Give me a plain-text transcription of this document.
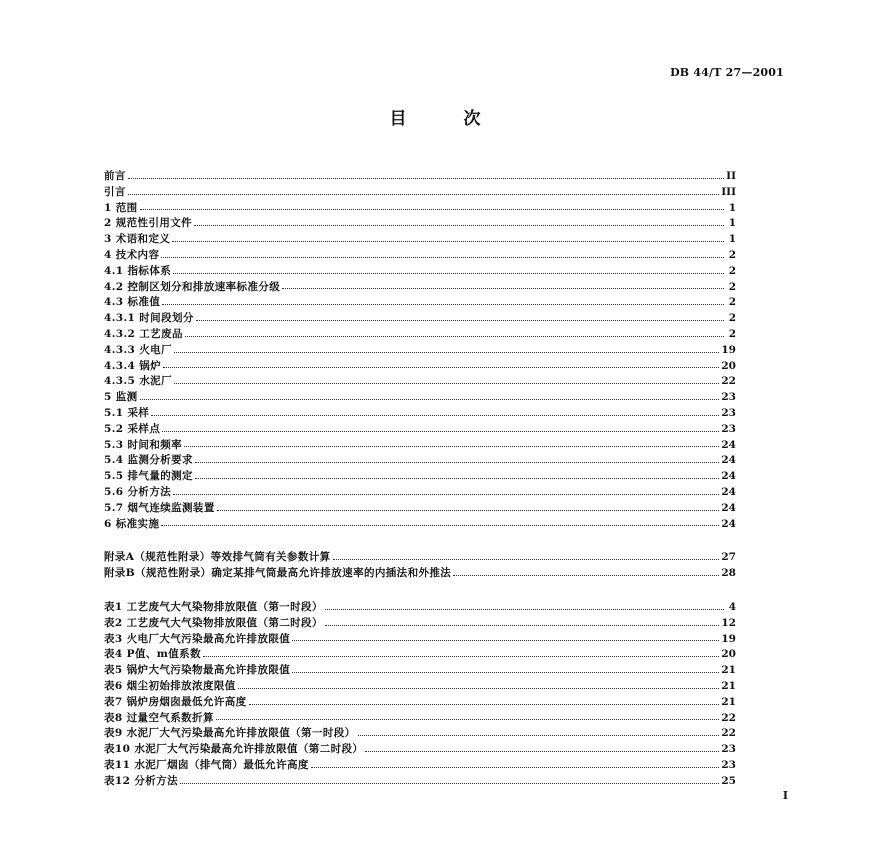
DB 44/T 27—2001
目	次
前言	II
引言	III
1 范围	1
2 规范性引用文件	1
3 术语和定义	1
4 技术内容	2
4.1 指标体系	2
4.2 控制区划分和排放速率标准分级	2
4.3 标准值	2
4.3.1 时间段划分	2
4.3.2 工艺废品	2
4.3.3 火电厂	19
4.3.4 锅炉	20
4.3.5 水泥厂	22
5 监测	23
5.1 采样	23
5.2 采样点	23
5.3 时间和频率	24
5.4 监测分析要求	24
5.5 排气量的测定	24
5.6 分析方法	24
5.7 烟气连续监测装置	24
6 标准实施	24
附录A（规范性附录）等效排气筒有关参数计算	27
附录B（规范性附录）确定某排气筒最高允许排放速率的内插法和外推法	28
表1 工艺废气大气染物排放限值（第一时段）	4
表2 工艺废气大气染物排放限值（第二时段）	12
表3 火电厂大气污染最高允许排放限值	19
表4 P值、m值系数	20
表5 锅炉大气污染物最高允许排放限值	21
表6 烟尘初始排放浓度限值	21
表7 锅炉房烟囱最低允许高度	21
表8 过量空气系数折算	22
表9 水泥厂大气污染最高允许排放限值（第一时段）	22
表10 水泥厂大气污染最高允许排放限值（第二时段）	23
表11 水泥厂烟囱（排气筒）最低允许高度	23
表12 分析方法	25
I
